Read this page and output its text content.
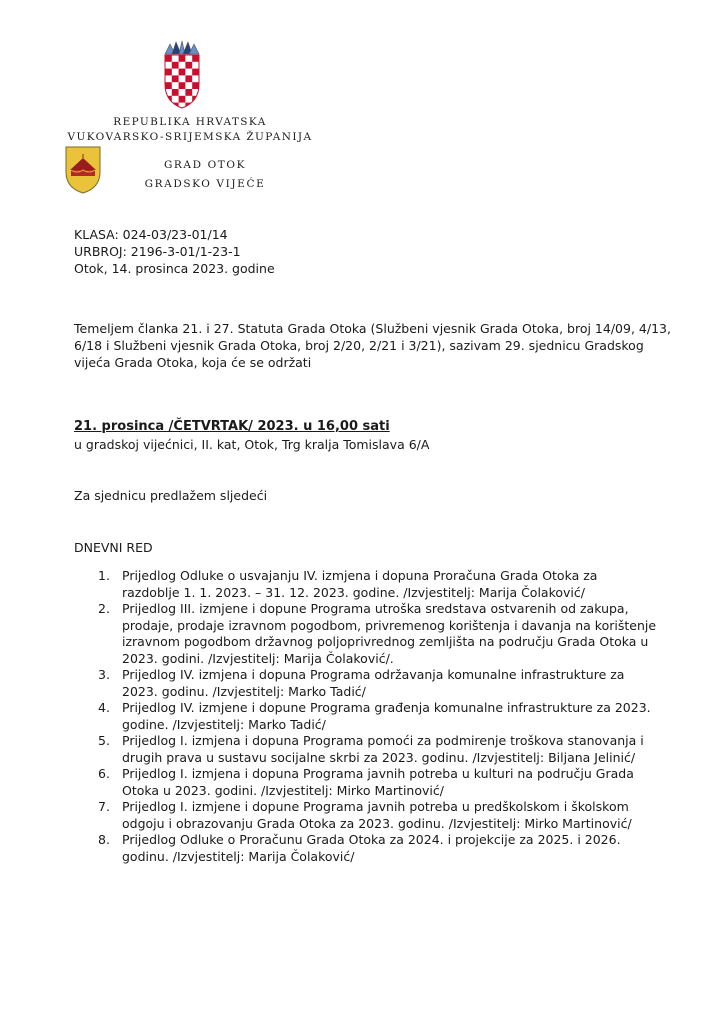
REPUBLIKA HRVATSKA
VUKOVARSKO-SRIJEMSKA ŽUPANIJA
GRAD OTOK
GRADSKO VIJEĆE
KLASA: 024-03/23-01/14
URBROJ: 2196-3-01/1-23-1
Otok, 14. prosinca 2023. godine
Temeljem članka 21. i 27. Statuta Grada Otoka (Službeni vjesnik Grada Otoka, broj 14/09, 4/13, 6/18 i Službeni vjesnik Grada Otoka, broj 2/20, 2/21 i 3/21), sazivam 29. sjednicu Gradskog vijeća Grada Otoka, koja će se održati
21. prosinca /ČETVRTAK/ 2023. u 16,00 sati
u gradskoj vijećnici, II. kat, Otok, Trg kralja Tomislava 6/A
Za sjednicu predlažem sljedeći
DNEVNI RED
1. Prijedlog Odluke o usvajanju IV. izmjena i dopuna Proračuna Grada Otoka za razdoblje 1. 1. 2023. – 31. 12. 2023. godine. /Izvjestitelj: Marija Čolaković/
2. Prijedlog III. izmjene i dopune Programa utroška sredstava ostvarenih od zakupa, prodaje, prodaje izravnom pogodbom, privremenog korištenja i davanja na korištenje izravnom pogodbom državnog poljoprivrednog zemljišta na području Grada Otoka u 2023. godini. /Izvjestitelj: Marija Čolaković/.
3. Prijedlog IV. izmjena i dopuna Programa održavanja komunalne infrastrukture za 2023. godinu. /Izvjestitelj: Marko Tadić/
4. Prijedlog IV. izmjene i dopune Programa građenja komunalne infrastrukture za 2023. godine. /Izvjestitelj: Marko Tadić/
5. Prijedlog I. izmjena i dopuna Programa pomoći za podmirenje troškova stanovanja i drugih prava u sustavu socijalne skrbi za 2023. godinu. /Izvjestitelj: Biljana Jelinić/
6. Prijedlog I. izmjena i dopuna Programa javnih potreba u kulturi na području Grada Otoka u 2023. godini. /Izvjestitelj: Mirko Martinović/
7. Prijedlog I. izmjene i dopune Programa javnih potreba u predškolskom i školskom odgoju i obrazovanju Grada Otoka za 2023. godinu. /Izvjestitelj: Mirko Martinović/
8. Prijedlog Odluke o Proračunu Grada Otoka za 2024. i projekcije za 2025. i 2026. godinu. /Izvjestitelj: Marija Čolaković/
